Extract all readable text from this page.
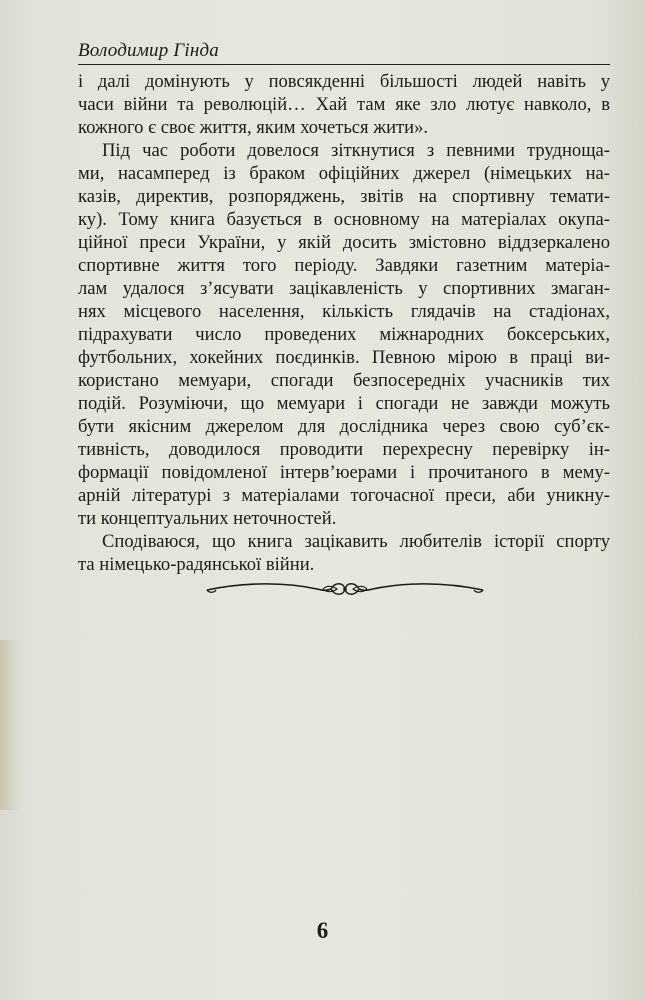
Володимир Гінда
і далі домінують у повсякденні більшості людей навіть у
часи війни та революцій… Хай там яке зло лютує навколо, в
кожного є своє життя, яким хочеться жити».
Під час роботи довелося зіткнутися з певними трудноща-
ми, насамперед із браком офіційних джерел (німецьких на-
казів, директив, розпоряджень, звітів на спортивну темати-
ку). Тому книга базується в основному на матеріалах окупа-
ційної преси України, у якій досить змістовно віддзеркалено
спортивне життя того періоду. Завдяки газетним матеріа-
лам удалося з’ясувати зацікавленість у спортивних змаган-
нях місцевого населення, кількість глядачів на стадіонах,
підрахувати число проведених міжнародних боксерських,
футбольних, хокейних поєдинків. Певною мірою в праці ви-
користано мемуари, спогади безпосередніх учасників тих
подій. Розуміючи, що мемуари і спогади не завжди можуть
бути якісним джерелом для дослідника через свою суб’єк-
тивність, доводилося проводити перехресну перевірку ін-
формації повідомленої інтерв’юерами і прочитаного в мему-
арній літературі з матеріалами тогочасної преси, аби уникну-
ти концептуальних неточностей.
Сподіваюся, що книга зацікавить любителів історії спорту
та німецько-радянської війни.
6
